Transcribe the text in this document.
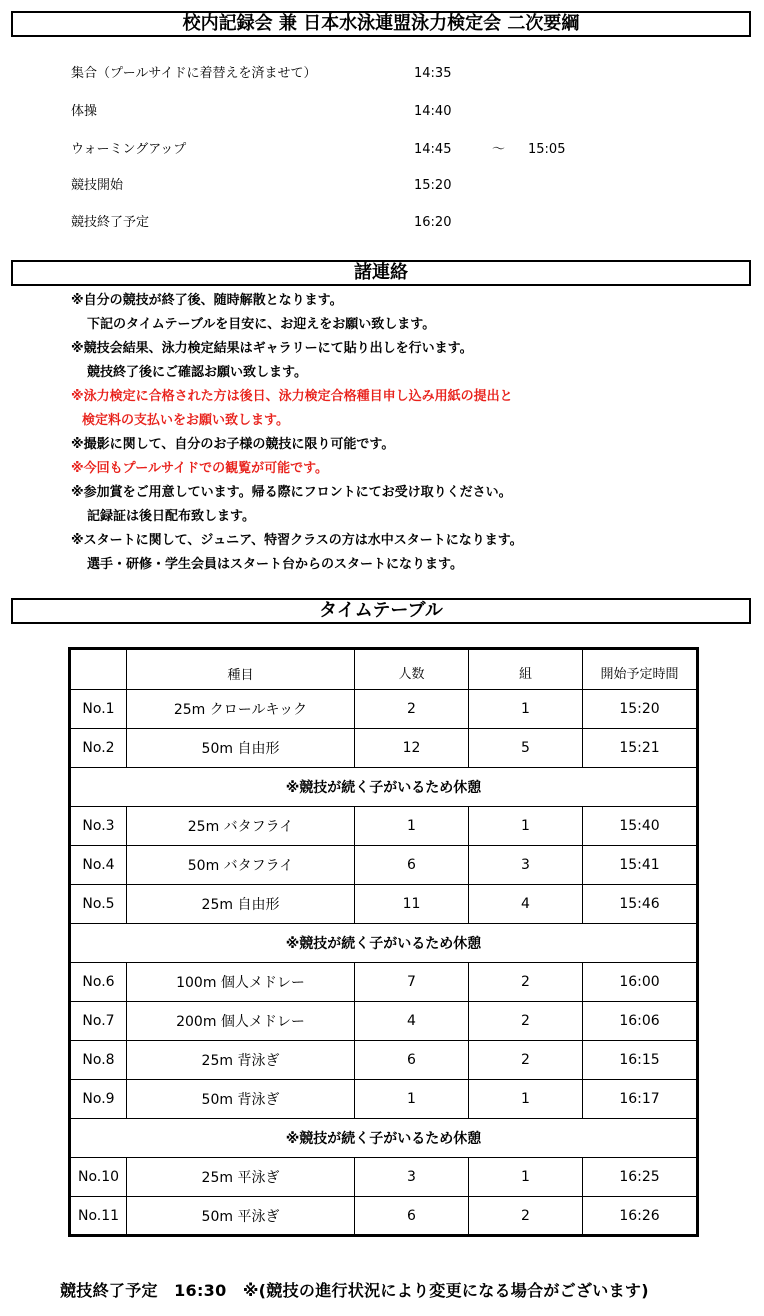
校内記録会 兼 日本水泳連盟泳力検定会 二次要綱
集合（プールサイドに着替えを済ませて）	14:35
体操	14:40
ウォーミングアップ	14:45	～ 15:05
競技開始	15:20
競技終了予定	16:20
諸連絡
※自分の競技が終了後、随時解散となります。
下記のタイムテーブルを目安に、お迎えをお願い致します。
※競技会結果、泳力検定結果はギャラリーにて貼り出しを行います。
競技終了後にご確認お願い致します。
※泳力検定に合格された方は後日、泳力検定合格種目申し込み用紙の提出と
検定料の支払いをお願い致します。
※撮影に関して、自分のお子様の競技に限り可能です。
※今回もプールサイドでの観覧が可能です。
※参加賞をご用意しています。帰る際にフロントにてお受け取りください。
記録証は後日配布致します。
※スタートに関して、ジュニア、特習クラスの方は水中スタートになります。
選手・研修・学生会員はスタート台からのスタートになります。
タイムテーブル
	種目	人数	組	開始予定時間
No.1	25m クロールキック	2	1	15:20
No.2	50m 自由形	12	5	15:21
※競技が続く子がいるため休憩				
No.3	25m バタフライ	1	1	15:40
No.4	50m バタフライ	6	3	15:41
No.5	25m 自由形	11	4	15:46
※競技が続く子がいるため休憩				
No.6	100m 個人メドレー	7	2	16:00
No.7	200m 個人メドレー	4	2	16:06
No.8	25m 背泳ぎ	6	2	16:15
No.9	50m 背泳ぎ	1	1	16:17
※競技が続く子がいるため休憩				
No.10	25m 平泳ぎ	3	1	16:25
No.11	50m 平泳ぎ	6	2	16:26
競技終了予定　16:30　※(競技の進行状況により変更になる場合がございます)
